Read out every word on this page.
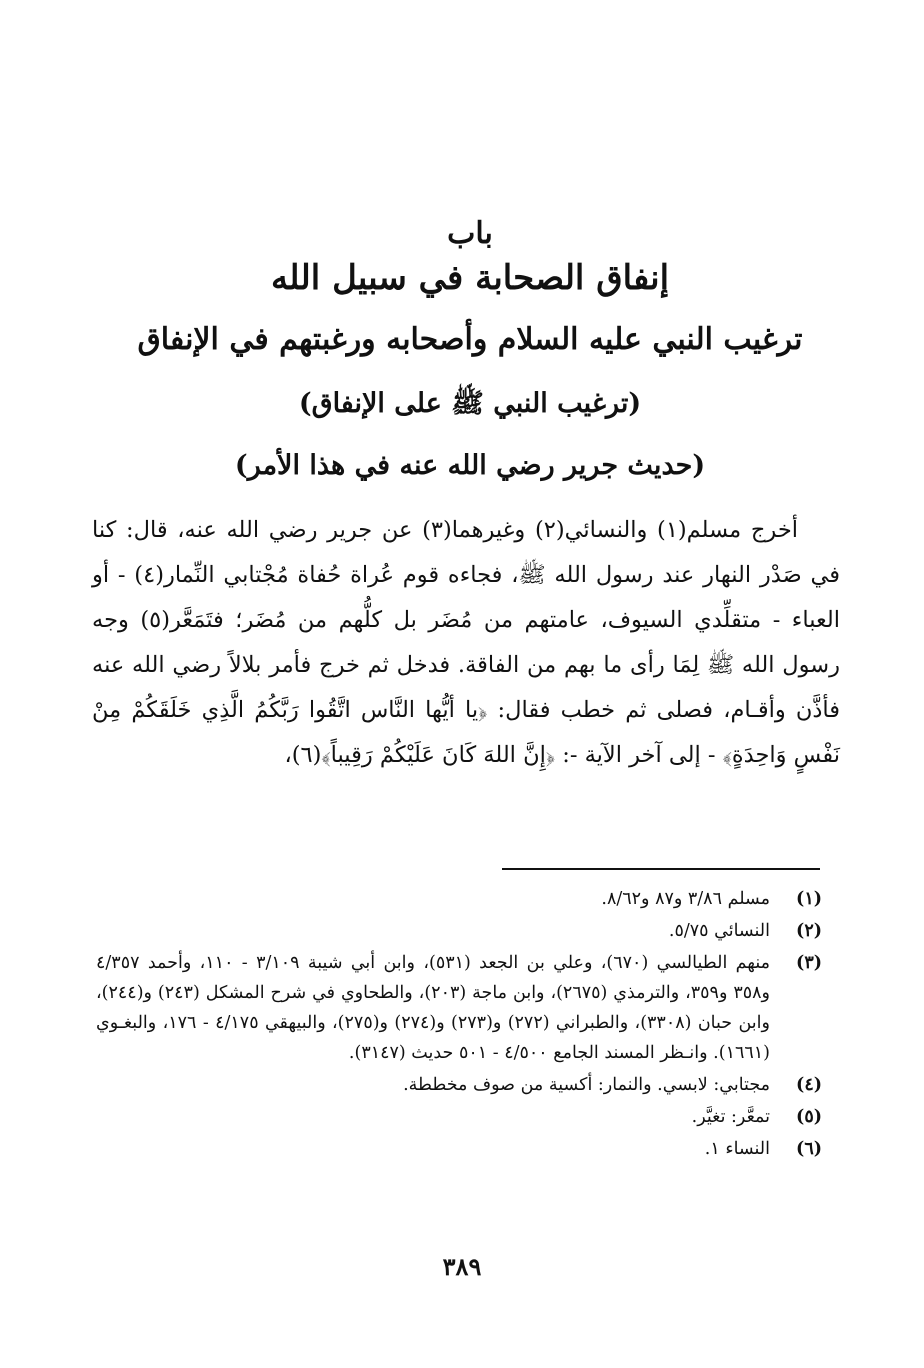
باب
إنفاق الصحابة في سبيل الله
ترغيب النبي عليه السلام وأصحابه ورغبتهم في الإنفاق
(ترغيب النبي ﷺ على الإنفاق)
(حديث جرير رضي الله عنه في هذا الأمر)

أخرج مسلم(١) والنسائي(٢) وغيرهما(٣) عن جرير رضي الله عنه، قال: كنا في صَدْر النهار عند رسول الله ﷺ، فجاءه قوم عُراة حُفاة مُجْتابي النِّمار(٤) - أو العباء - متقلِّدي السيوف، عامتهم من مُضَر بل كلُّهم من مُضَر؛ فتَمَعَّر(٥) وجه رسول الله ﷺ لِمَا رأى ما بهم من الفاقة. فدخل ثم خرج فأمر بلالاً رضي الله عنه فأذَّن وأقـام، فصلى ثم خطب فقال: ﴿يا أيُّها النَّاس اتَّقُوا رَبَّكُمُ الَّذِي خَلَقَكُمْ مِنْ نَفْسٍ وَاحِدَةٍ﴾ - إلى آخر الآية -: ﴿إِنَّ اللهَ كَانَ عَلَيْكُمْ رَقِيباً﴾(٦)،

(١)
مسلم ٣/٨٦ و٨٧ و٨/٦٢.
(٢)
النسائي ٥/٧٥.
(٣)
منهم الطيالسي (٦٧٠)، وعلي بن الجعد (٥٣١)، وابن أبي شيبة ٣/١٠٩ - ١١٠، وأحمد ٤/٣٥٧ و٣٥٨ و٣٥٩، والترمذي (٢٦٧٥)، وابن ماجة (٢٠٣)، والطحاوي في شرح المشكل (٢٤٣) و(٢٤٤)، وابن حبان (٣٣٠٨)، والطبراني (٢٧٢) و(٢٧٣) و(٢٧٤) و(٢٧٥)، والبيهقي ٤/١٧٥ - ١٧٦، والبغـوي (١٦٦١). وانـظر المسند الجامع ٤/٥٠٠ - ٥٠١ حديث (٣١٤٧).
(٤)
مجتابي: لابسي. والنمار: أكسية من صوف مخططة.
(٥)
تمعَّر: تغيَّر.
(٦)
النساء ١.
٣٨٩
